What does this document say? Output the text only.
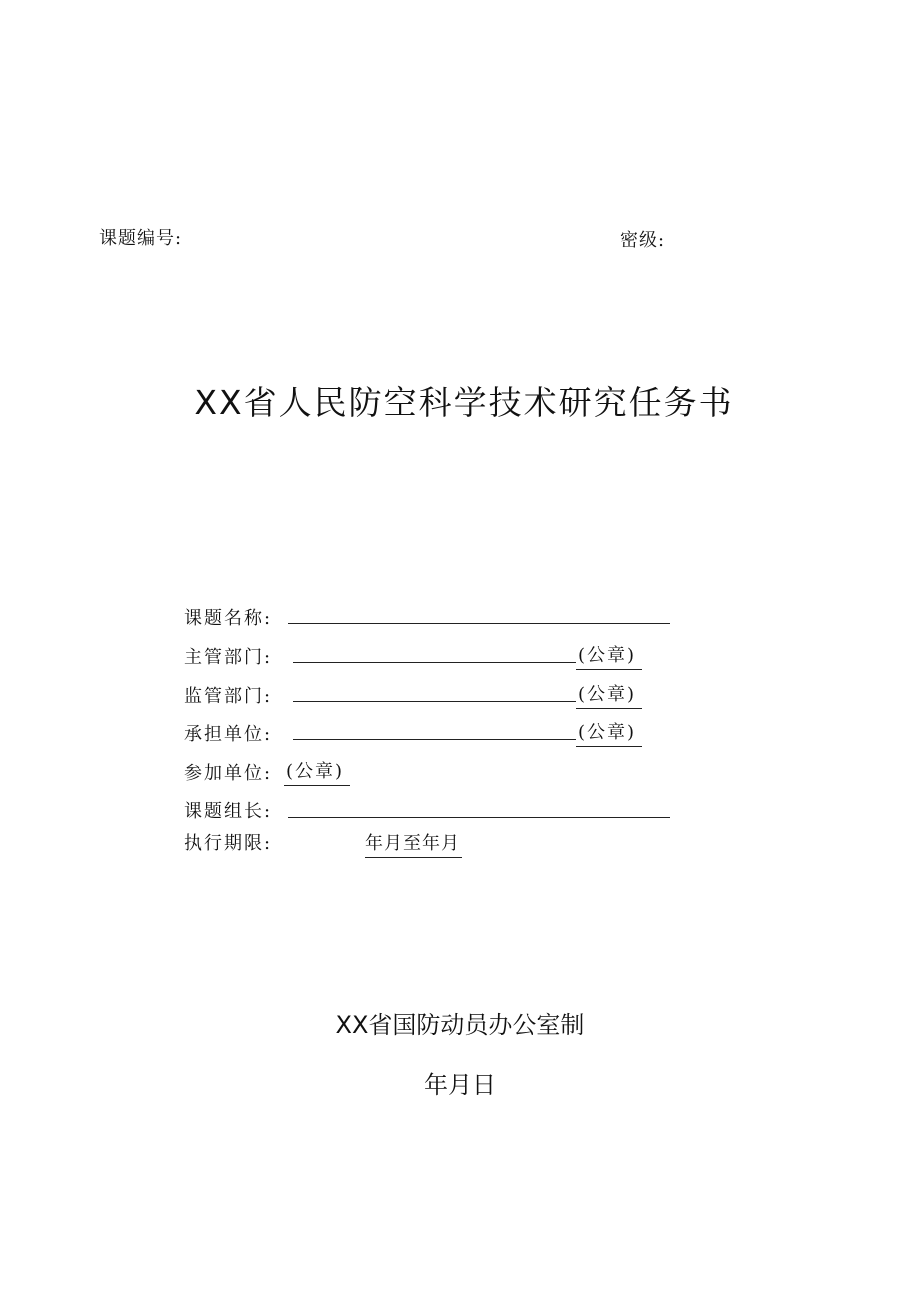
课题编号:	密级:
XX省人民防空科学技术研究任务书
课题名称:
主管部门:	(公章)
监管部门:	(公章)
承担单位:	(公章)
参加单位: (公章)
课题组长:
执行期限:	年月至年月
XX省国防动员办公室制
年月日
